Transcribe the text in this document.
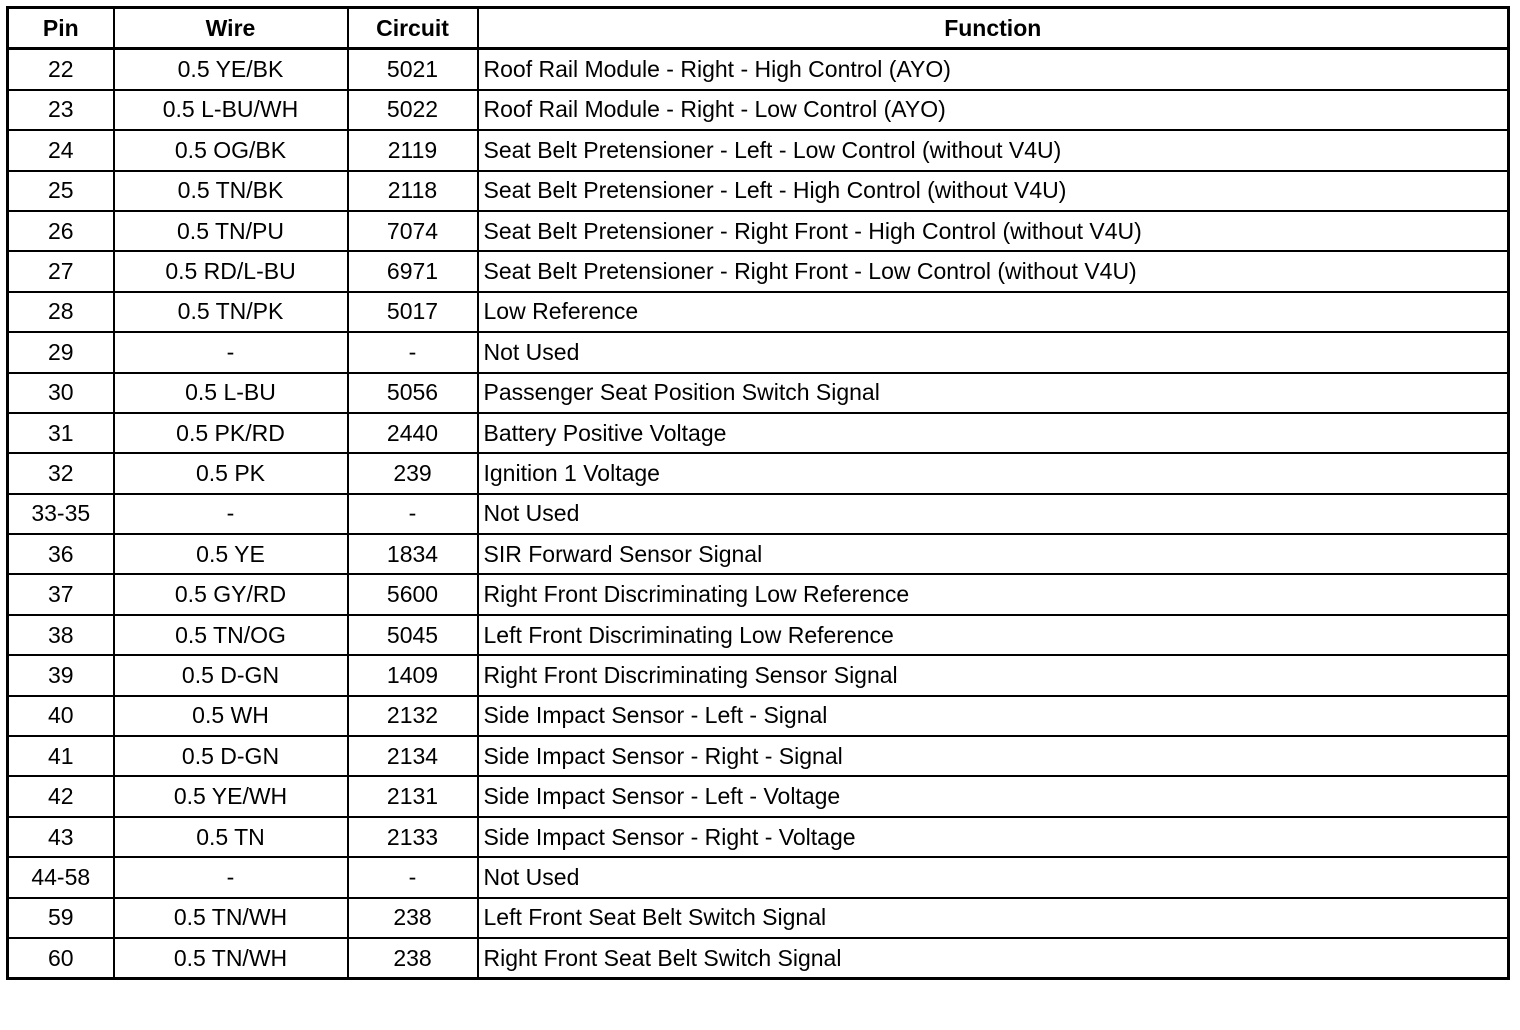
Pin	Wire	Circuit	Function
22	0.5 YE/BK	5021	Roof Rail Module - Right - High Control (AYO)
23	0.5 L-BU/WH	5022	Roof Rail Module - Right - Low Control (AYO)
24	0.5 OG/BK	2119	Seat Belt Pretensioner - Left - Low Control (without V4U)
25	0.5 TN/BK	2118	Seat Belt Pretensioner - Left - High Control (without V4U)
26	0.5 TN/PU	7074	Seat Belt Pretensioner - Right Front - High Control (without V4U)
27	0.5 RD/L-BU	6971	Seat Belt Pretensioner - Right Front - Low Control (without V4U)
28	0.5 TN/PK	5017	Low Reference
29	-	-	Not Used
30	0.5 L-BU	5056	Passenger Seat Position Switch Signal
31	0.5 PK/RD	2440	Battery Positive Voltage
32	0.5 PK	239	Ignition 1 Voltage
33-35	-	-	Not Used
36	0.5 YE	1834	SIR Forward Sensor Signal
37	0.5 GY/RD	5600	Right Front Discriminating Low Reference
38	0.5 TN/OG	5045	Left Front Discriminating Low Reference
39	0.5 D-GN	1409	Right Front Discriminating Sensor Signal
40	0.5 WH	2132	Side Impact Sensor - Left - Signal
41	0.5 D-GN	2134	Side Impact Sensor - Right - Signal
42	0.5 YE/WH	2131	Side Impact Sensor - Left - Voltage
43	0.5 TN	2133	Side Impact Sensor - Right - Voltage
44-58	-	-	Not Used
59	0.5 TN/WH	238	Left Front Seat Belt Switch Signal
60	0.5 TN/WH	238	Right Front Seat Belt Switch Signal
